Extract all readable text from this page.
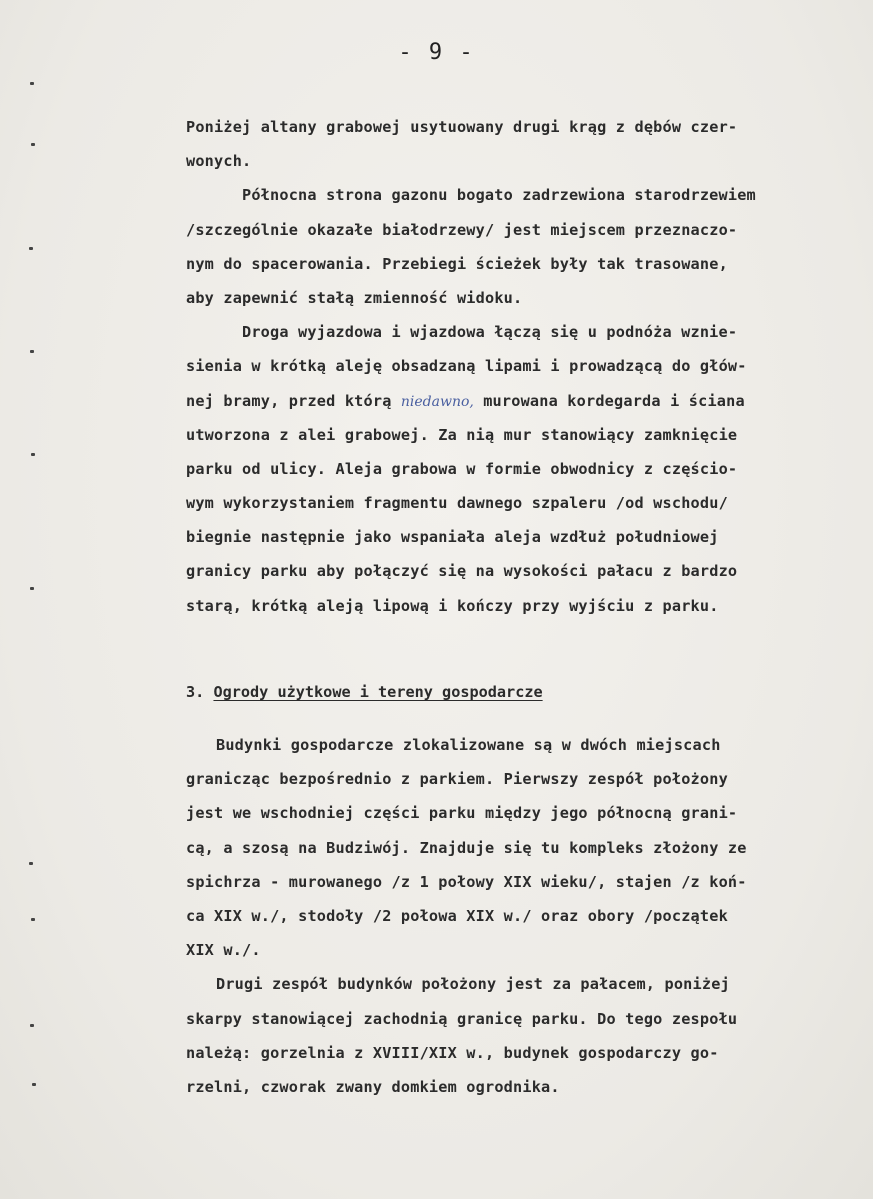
- 9 -
Poniżej altany grabowej usytuowany drugi krąg z dębów czer-
wonych.
Północna strona gazonu bogato zadrzewiona starodrzewiem
/szczególnie okazałe białodrzewy/ jest miejscem przeznaczo-
nym do spacerowania. Przebiegi ścieżek były tak trasowane,
aby zapewnić stałą zmienność widoku.
Droga wyjazdowa i wjazdowa łączą się u podnóża wznie-
sienia w krótką aleję obsadzaną lipami i prowadzącą do głów-
nej bramy, przed którą niedawno, murowana kordegarda i ściana
utworzona z alei grabowej. Za nią mur stanowiący zamknięcie
parku od ulicy. Aleja grabowa w formie obwodnicy z częścio-
wym wykorzystaniem fragmentu dawnego szpaleru /od wschodu/
biegnie następnie jako wspaniała aleja wzdłuż południowej
granicy parku aby połączyć się na wysokości pałacu z bardzo
starą, krótką aleją lipową i kończy przy wyjściu z parku.
3. Ogrody użytkowe i tereny gospodarcze
Budynki gospodarcze zlokalizowane są w dwóch miejscach
granicząc bezpośrednio z parkiem. Pierwszy zespół położony
jest we wschodniej części parku między jego północną grani-
cą, a szosą na Budziwój. Znajduje się tu kompleks złożony ze
spichrza - murowanego /z 1 połowy XIX wieku/, stajen /z koń-
ca XIX w./, stodoły /2 połowa XIX w./ oraz obory /początek
XIX w./.
Drugi zespół budynków położony jest za pałacem, poniżej
skarpy stanowiącej zachodnią granicę parku. Do tego zespołu
należą: gorzelnia z XVIII/XIX w., budynek gospodarczy go-
rzelni, czworak zwany domkiem ogrodnika.
